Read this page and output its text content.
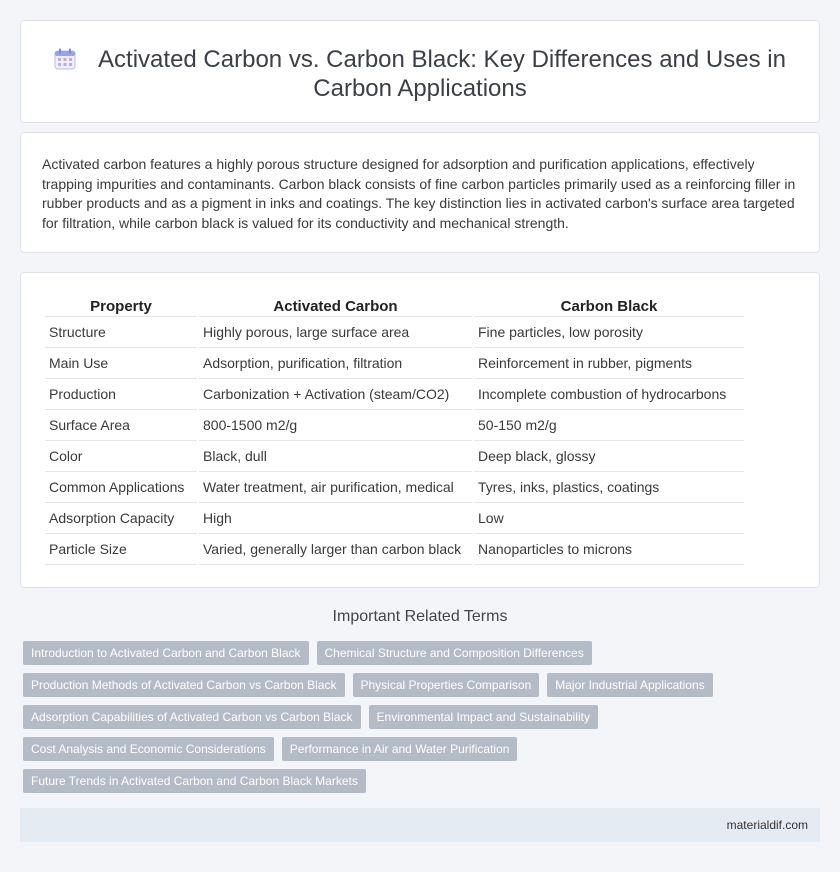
Activated Carbon vs. Carbon Black: Key Differences and Uses in Carbon Applications

Activated carbon features a highly porous structure designed for adsorption and purification applications, effectively trapping impurities and contaminants. Carbon black consists of fine carbon particles primarily used as a reinforcing filler in rubber products and as a pigment in inks and coatings. The key distinction lies in activated carbon's surface area targeted for filtration, while carbon black is valued for its conductivity and mechanical strength.

Property	Activated Carbon	Carbon Black
Structure	Highly porous, large surface area	Fine particles, low porosity
Main Use	Adsorption, purification, filtration	Reinforcement in rubber, pigments
Production	Carbonization + Activation (steam/CO2)	Incomplete combustion of hydrocarbons
Surface Area	800-1500 m2/g	50-150 m2/g
Color	Black, dull	Deep black, glossy
Common Applications	Water treatment, air purification, medical	Tyres, inks, plastics, coatings
Adsorption Capacity	High	Low
Particle Size	Varied, generally larger than carbon black	Nanoparticles to microns
Important Related Terms
Introduction to Activated Carbon and Carbon Black	Chemical Structure and Composition Differences
Production Methods of Activated Carbon vs Carbon Black	Physical Properties Comparison	Major Industrial Applications
Adsorption Capabilities of Activated Carbon vs Carbon Black	Environmental Impact and Sustainability
Cost Analysis and Economic Considerations	Performance in Air and Water Purification
Future Trends in Activated Carbon and Carbon Black Markets
materialdif.com
